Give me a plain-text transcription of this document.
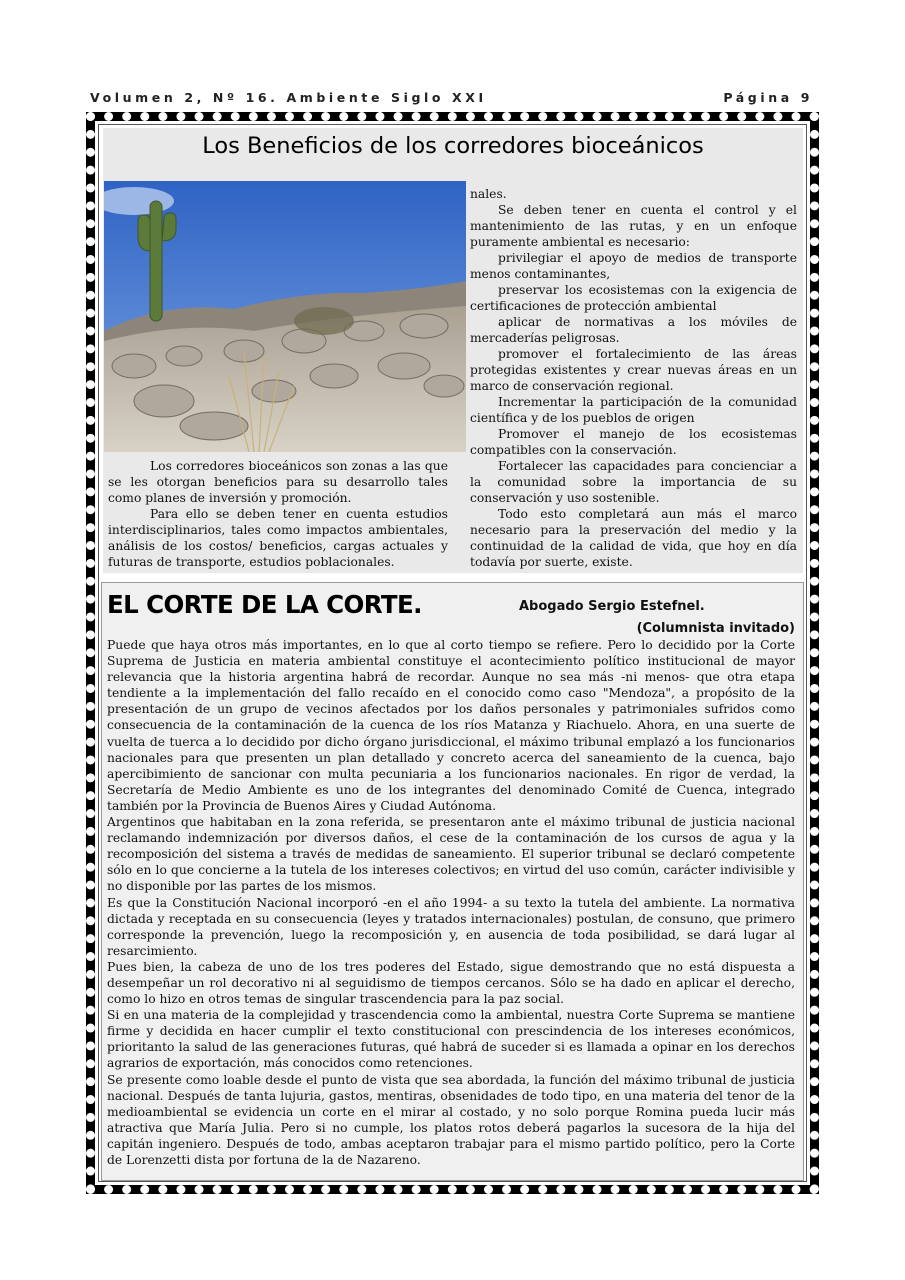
Volumen 2, Nº 16. Ambiente Siglo XXI	Página 9
Los Beneficios de los corredores bioceánicos

Los corredores bioceánicos son zonas a las que se les otorgan beneficios para su desarrollo tales como planes de inversión y promoción.

Para ello se deben tener en cuenta estudios interdisciplinarios, tales como impactos ambientales, análisis de los costos/ beneficios, cargas actuales y futuras de transporte, estudios poblacionales.

nales.

Se deben tener en cuenta el control y el mantenimiento de las rutas, y en un enfoque puramente ambiental es necesario:

privilegiar el apoyo de medios de transporte menos contaminantes,

preservar los ecosistemas con la exigencia de certificaciones de protección ambiental

aplicar de normativas a los móviles de mercaderías peligrosas.

promover el fortalecimiento de las áreas protegidas existentes y crear nuevas áreas en un marco de conservación regional.

Incrementar la participación de la comunidad científica y de los pueblos de origen

Promover el manejo de los ecosistemas compatibles con la conservación.

Fortalecer las capacidades para concienciar a la comunidad sobre la importancia de su conservación y uso sostenible.

Todo esto completará aun más el marco necesario para la preservación del medio y la continuidad de la calidad de vida, que hoy en día todavía por suerte, existe.

EL CORTE DE LA CORTE.	Abogado Sergio Estefnel.
(Columnista invitado)

Puede que haya otros más importantes, en lo que al corto tiempo se refiere. Pero lo decidido por la Corte Suprema de Justicia en materia ambiental constituye el acontecimiento político institucional de mayor relevancia que la historia argentina habrá de recordar. Aunque no sea más -ni menos- que otra etapa tendiente a la implementación del fallo recaído en el conocido como caso "Mendoza", a propósito de la presentación de un grupo de vecinos afectados por los daños personales y patrimoniales sufridos como consecuencia de la contaminación de la cuenca de los ríos Matanza y Riachuelo. Ahora, en una suerte de vuelta de tuerca a lo decidido por dicho órgano jurisdiccional, el máximo tribunal emplazó a los funcionarios nacionales para que presenten un plan detallado y concreto acerca del saneamiento de la cuenca, bajo apercibimiento de sancionar con multa pecuniaria a los funcionarios nacionales. En rigor de verdad, la Secretaría de Medio Ambiente es uno de los integrantes del denominado Comité de Cuenca, integrado también por la Provincia de Buenos Aires y Ciudad Autónoma.

Argentinos que habitaban en la zona referida, se presentaron ante el máximo tribunal de justicia nacional reclamando indemnización por diversos daños, el cese de la contaminación de los cursos de agua y la recomposición del sistema a través de medidas de saneamiento. El superior tribunal se declaró competente sólo en lo que concierne a la tutela de los intereses colectivos; en virtud del uso común, carácter indivisible y no disponible por las partes de los mismos.

Es que la Constitución Nacional incorporó -en el año 1994- a su texto la tutela del ambiente. La normativa dictada y receptada en su consecuencia (leyes y tratados internacionales) postulan, de consuno, que primero corresponde la prevención, luego la recomposición y, en ausencia de toda posibilidad, se dará lugar al resarcimiento.

Pues bien, la cabeza de uno de los tres poderes del Estado, sigue demostrando que no está dispuesta a desempeñar un rol decorativo ni al seguidismo de tiempos cercanos. Sólo se ha dado en aplicar el derecho, como lo hizo en otros temas de singular trascendencia para la paz social.

Si en una materia de la complejidad y trascendencia como la ambiental, nuestra Corte Suprema se mantiene firme y decidida en hacer cumplir el texto constitucional con prescindencia de los intereses económicos, prioritanto la salud de las generaciones futuras, qué habrá de suceder si es llamada a opinar en los derechos agrarios de exportación, más conocidos como retenciones.

Se presente como loable desde el punto de vista que sea abordada, la función del máximo tribunal de justicia nacional. Después de tanta lujuria, gastos, mentiras, obsenidades de todo tipo, en una materia del tenor de la medioambiental se evidencia un corte en el mirar al costado, y no solo porque Romina pueda lucir más atractiva que María Julia. Pero si no cumple, los platos rotos deberá pagarlos la sucesora de la hija del capitán ingeniero. Después de todo, ambas aceptaron trabajar para el mismo partido político, pero la Corte de Lorenzetti dista por fortuna de la de Nazareno.
